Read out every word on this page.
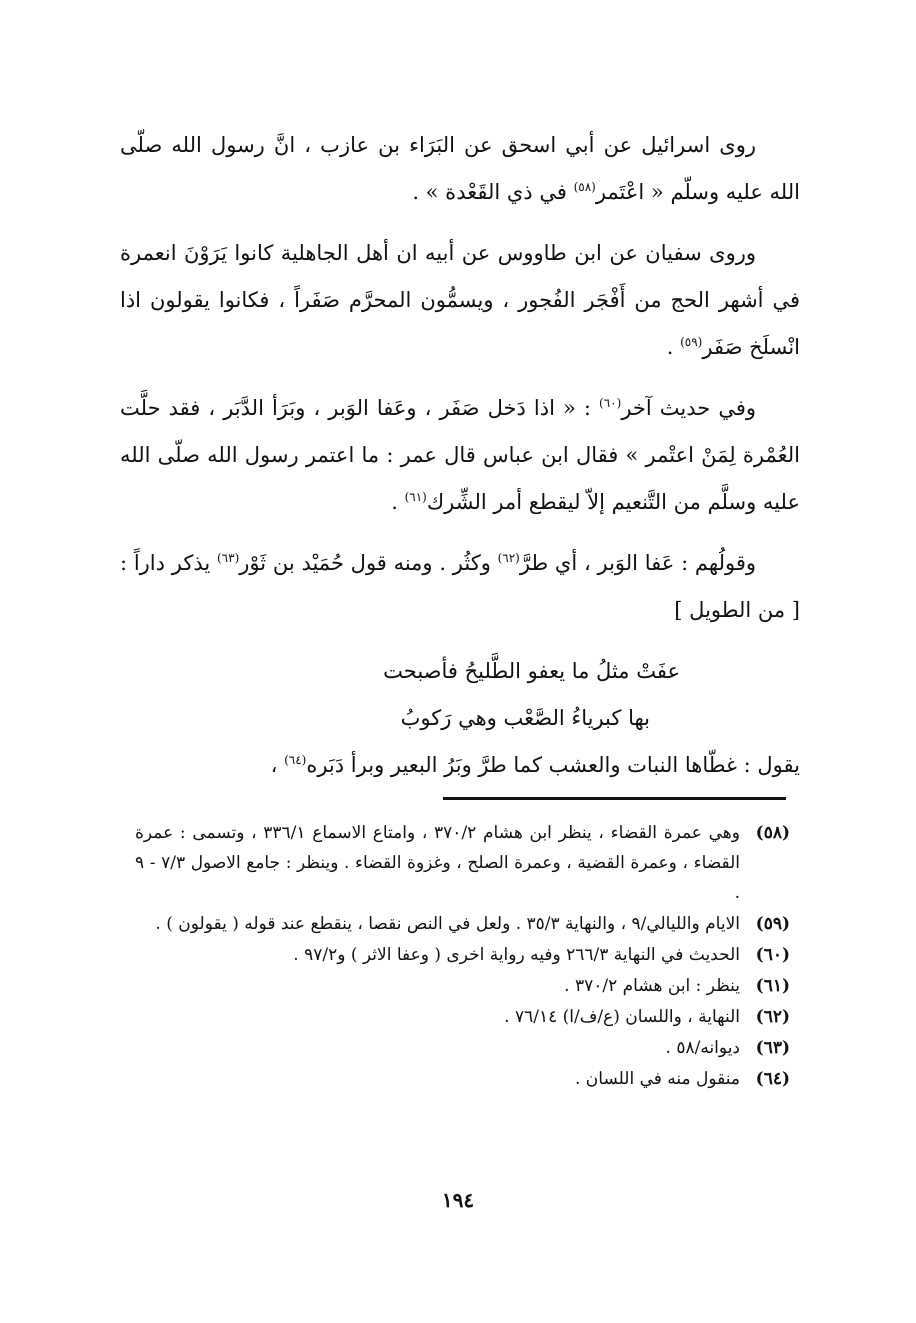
روى اسرائيل عن أبي اسحق عن البَرَاء بن عازب ، انَّ رسول الله صلّى الله عليه وسلّم « اعْتَمر$^{(٥٨)}$ في ذي القَعْدة » .

وروى سفيان عن ابن طاووس عن أبيه ان أهل الجاهلية كانوا يَرَوْنَ انعمرة في أشهر الحج من أَفْجَر الفُجور ، ويسمُّون المحرَّم صَفَراً ، فكانوا يقولون اذا انْسلَخ صَفَر$^{(٥٩)}$ .

وفي حديث آخر$^{(٦٠)}$ : « اذا دَخل صَفَر ، وعَفا الوَبر ، وبَرَأ الدَّبَر ، فقد حلَّت العُمْرة لِمَنْ اعتْمر » فقال ابن عباس قال عمر : ما اعتمر رسول الله صلّى الله عليه وسلَّم من التَّنعيم إلاّ ليقطع أمر الشِّرك$^{(٦١)}$ .

وقولُهم : عَفا الوَبر ، أي طرَّ$^{(٦٢)}$ وكثُر . ومنه قول حُمَيْد بن ثَوْر$^{(٦٣)}$ يذكر داراً : [ من الطويل ]

عفَتْ مثلُ ما يعفو الطَّليحُ فأصبحت
بها كبرياءُ الصَّعْب وهي رَكوبُ

يقول : غطّاها النبات والعشب كما طرَّ وبَرُ البعير وبرأ دَبَره$^{(٦٤)}$ ،

(٥٨)
وهي عمرة القضاء ، ينظر ابن هشام ٣٧٠/٢ ، وامتاع الاسماع ٣٣٦/١ ، وتسمى : عمرة القضاء ، وعمرة القضية ، وعمرة الصلح ، وغزوة القضاء . وينظر : جامع الاصول ٧/٣ - ٩ .
(٥٩)
الايام والليالي/٩ ، والنهاية ٣٥/٣ . ولعل في النص نقصا ، ينقطع عند قوله ( يقولون ) .
(٦٠)
الحديث في النهاية ٢٦٦/٣ وفيه رواية اخرى ( وعفا الاثر ) و٩٧/٢ .
(٦١)
ينظر : ابن هشام ٣٧٠/٢ .
(٦٢)
النهاية ، واللسان (ع/ف/ا) ٧٦/١٤ .
(٦٣)
ديوانه/٥٨ .
(٦٤)
منقول منه في اللسان .
١٩٤
